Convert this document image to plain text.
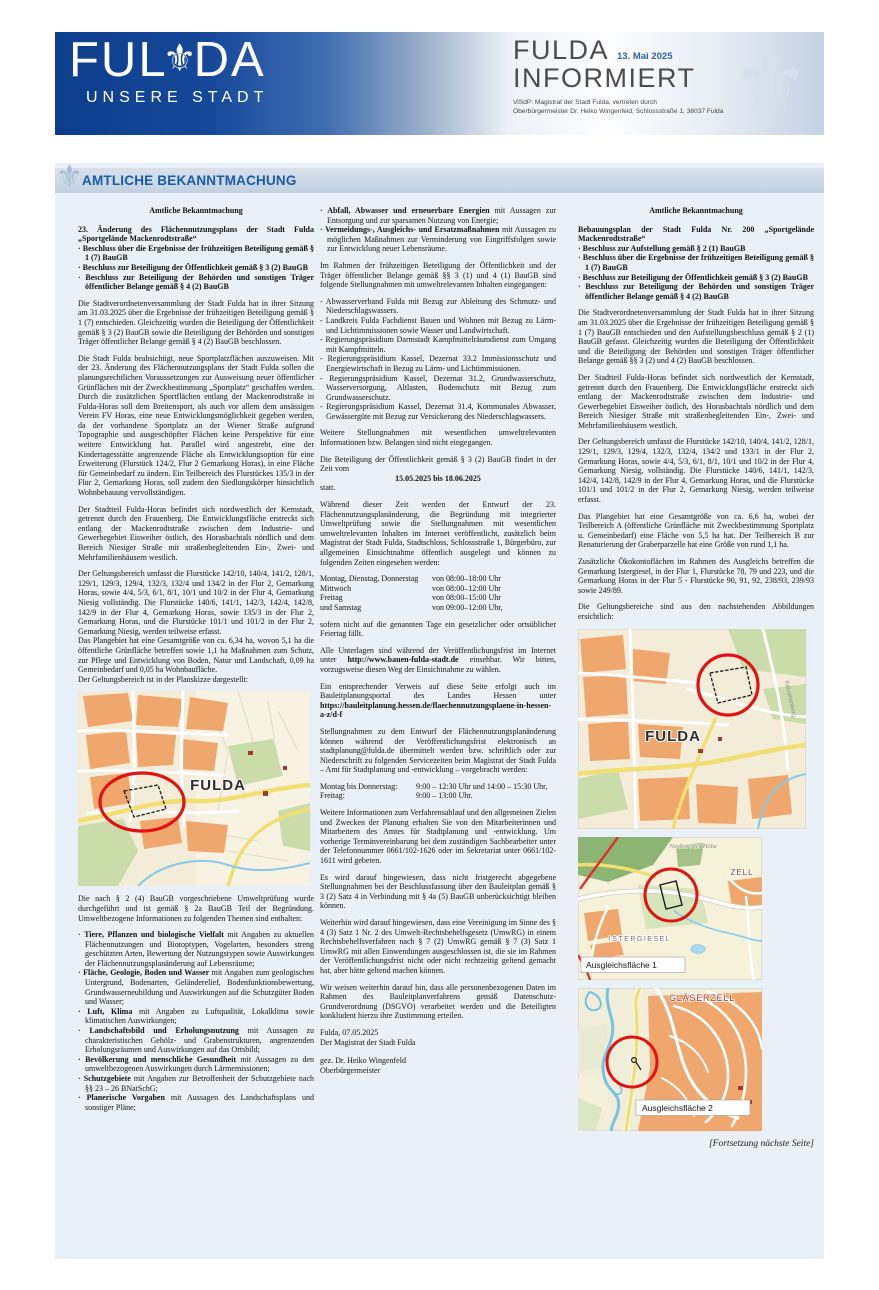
FUL
⚜
DA
UNSERE STADT
FULDA 13. Mai 2025
INFORMIERT
ViSdP: Magistrat der Stadt Fulda, vertreten durch
Oberbürgermeister Dr. Heiko Wingenfeld, Schlossstraße 1, 36037 Fulda ⚜
⚜ AMTLICHE BEKANNTMACHUNG
Amtliche Bekanntmachung
23. Änderung des Flächennutzungsplans der Stadt Fulda „Sportgelände Mackenrodtstraße“
· Beschluss über die Ergebnisse der frühzeitigen Beteiligung gemäß § 1 (7) BauGB
· Beschluss zur Beteiligung der Öffentlichkeit gemäß § 3 (2) BauGB
· Beschluss zur Beteiligung der Behörden und sonstigen Träger öffentlicher Belange gemäß § 4 (2) BauGB

Die Stadtverordnetenversammlung der Stadt Fulda hat in ihrer Sitzung am 31.03.2025 über die Ergebnisse der frühzeitigen Beteiligung gemäß § 1 (7) entschieden. Gleichzeitig wurden die Beteiligung der Öffentlichkeit gemäß § 3 (2) BauGB sowie die Beteiligung der Behörden und sonstigen Träger öffentlicher Belange gemäß § 4 (2) BauGB beschlossen.

Die Stadt Fulda beabsichtigt, neue Sportplatzflächen auszuweisen. Mit der 23. Änderung des Flächennutzungsplans der Stadt Fulda sollen die planungsrechtlichen Voraussetzungen zur Ausweisung neuer öffentlicher Grünflächen mit der Zweckbestimmung „Sportplatz“ geschaffen werden. Durch die zusätzlichen Sportflächen entlang der Mackenrodtstraße in Fulda-Horas soll dem Breitensport, als auch vor allem dem ansässigen Verein FV Horas, eine neue Entwicklungsmöglichkeit gegeben werden, da der vorhandene Sportplatz an der Wiener Straße aufgrund Topographie und ausgeschöpfter Flächen keine Perspektive für eine weitere Entwicklung hat. Parallel wird angestrebt, eine der Kindertagesstätte angrenzende Fläche als Entwicklungsoption für eine Erweiterung (Flurstück 124/2, Flur 2 Gemarkung Horas), in eine Fläche für Gemeinbedarf zu ändern. Ein Teilbereich des Flurstückes 135/3 in der Flur 2, Gemarkung Horas, soll zudem den Siedlungskörper hinsichtlich Wohnbebauung vervollständigen.

Der Stadtteil Fulda-Horas befindet sich nordwestlich der Kernstadt, getrennt durch den Frauenberg. Die Entwicklungsfläche erstreckt sich entlang der Mackenrodtstraße zwischen dem Industrie- und Gewerbegebiet Eisweiher östlich, des Horasbachtals nördlich und dem Bereich Niesiger Straße mit straßenbegleitenden Ein-, Zwei- und Mehrfamilienhäusern westlich.

Der Geltungsbereich umfasst die Flurstücke 142/10, 140/4, 141/2, 128/1, 129/1, 129/3, 129/4, 132/3, 132/4 und 134/2 in der Flur 2, Gemarkung Horas, sowie 4/4, 5/3, 6/1, 8/1, 10/1 und 10/2 in der Flur 4, Gemarkung Niesig vollständig. Die Flurstücke 140/6, 141/1, 142/3, 142/4, 142/8, 142/9 in der Flur 4, Gemarkung Horas, sowie 135/3 in der Flur 2, Gemarkung Horas, und die Flurstücke 101/1 und 101/2 in der Flur 2, Gemarkung Niesig, werden teilweise erfasst.
Das Plangebiet hat eine Gesamtgröße von ca. 6,34 ha, wovon 5,1 ha die öffentliche Grünfläche betreffen sowie 1,1 ha Maßnahmen zum Schutz, zur Pflege und Entwicklung von Boden, Natur und Landschaft, 0,09 ha Gemeinbedarf und 0,05 ha Wohnbaufläche.
Der Geltungsbereich ist in der Planskizze dargestellt:
FULDA

Die nach § 2 (4) BauGB vorgeschriebene Umweltprüfung wurde durchgeführt und ist gemäß § 2a BauGB Teil der Begründung. Umweltbezogene Informationen zu folgenden Themen sind enthalten:

· Tiere, Pflanzen und biologische Vielfalt mit Angaben zu aktuellen Flächennutzungen und Biotoptypen, Vogelarten, besonders streng geschützten Arten, Bewertung der Nutzungstypen sowie Auswirkungen der Flächennutzungsplanänderung auf Lebensräume;
· Fläche, Geologie, Boden und Wasser mit Angaben zum geologischen Untergrund, Bodenarten, Geländerelief, Bodenfunktionsbewertung, Grundwasserneubildung und Auswirkungen auf die Schutzgüter Boden und Wasser;
· Luft, Klima mit Angaben zu Luftqualität, Lokalklima sowie klimatischen Auswirkungen;
· Landschaftsbild und Erholungsnutzung mit Aussagen zu charakteristischen Gehölz- und Grabenstrukturen, angrenzenden Erholungsräumen und Auswirkungen auf das Ortsbild;
· Bevölkerung und menschliche Gesundheit mit Aussagen zu den umweltbezogenen Auswirkungen durch Lärmemissionen;
· Schutzgebiete mit Angaben zur Betroffenheit der Schutzgebiete nach §§ 23 – 26 BNatSchG;
· Planerische Vorgaben mit Aussagen des Landschaftsplans und sonstiger Pläne;
· Abfall, Abwasser und erneuerbare Energien mit Aussagen zur Entsorgung und zur sparsamen Nutzung von Energie;
· Vermeidungs-, Ausgleichs- und Ersatzmaßnahmen mit Aussagen zu möglichen Maßnahmen zur Verminderung von Eingriffsfolgen sowie zur Entwicklung neuer Lebensräume.

Im Rahmen der frühzeitigen Beteiligung der Öffentlichkeit und der Träger öffentlicher Belange gemäß §§ 3 (1) und 4 (1) BauGB sind folgende Stellungnahmen mit umweltrelevanten Inhalten eingegangen:

- Abwasserverband Fulda mit Bezug zur Ableitung des Schmutz- und Niederschlagswassers.
- Landkreis Fulda Fachdienst Bauen und Wohnen mit Bezug zu Lärm- und Lichtimmissionen sowie Wasser und Landwirtschaft.
- Regierungspräsidium Darmstadt Kampfmittelräumdienst zum Umgang mit Kampfmitteln.
- Regierungspräsidium Kassel, Dezernat 33.2 Immissionsschutz und Energiewirtschaft in Bezug zu Lärm- und Lichtimmissionen.
- Regierungspräsidium Kassel, Dezernat 31.2, Grundwasserschutz, Wasserversorgung, Altlasten, Bodenschutz mit Bezug zum Grundwasserschutz.
- Regierungspräsidium Kassel, Dezernat 31.4, Kommunales Abwasser, Gewässergüte mit Bezug zur Versickerung des Niederschlagwassers.

Weitere Stellungnahmen mit wesentlichen umweltrelevanten Informationen bzw. Belangen sind nicht eingegangen.

Die Beteiligung der Öffentlichkeit gemäß § 3 (2) BauGB findet in der Zeit vom

15.05.2025 bis 18.06.2025

statt.

Während dieser Zeit werden der Entwurf der 23. Flächennutzungsplanänderung, die Begründung mit integrierter Umweltprüfung sowie die Stellungnahmen mit wesentlichen umweltrelevanten Inhalten im Internet veröffentlicht, zusätzlich beim Magistrat der Stadt Fulda, Stadtschloss, Schlossstraße 1, Bürgerbüro, zur allgemeinen Einsichtnahme öffentlich ausgelegt und können zu folgenden Zeiten eingesehen werden:

Montag, Dienstag, Donnerstag	von 08:00–18:00 Uhr
Mittwoch	von 08:00–12:00 Uhr
Freitag	von 08:00–15:00 Uhr
und Samstag	von 09:00–12:00 Uhr,

sofern nicht auf die genannten Tage ein gesetzlicher oder ortsüblicher Feiertag fällt.

Alle Unterlagen sind während der Veröffentlichungsfrist im Internet unter http://www.bauen-fulda-stadt.de einsehbar. Wir bitten, vorzugsweise diesen Weg der Einsichtnahme zu wählen.

Ein entsprechender Verweis auf diese Seite erfolgt auch im Bauleitplanungsportal des Landes Hessen unter https://bauleitplanung.hessen.de/flaechennutzungsplaene-in-hessen-a-z/d-f

Stellungnahmen zu dem Entwurf der Flächennutzungsplanänderung können während der Veröffentlichungsfrist elektronisch an stadtplanung@fulda.de übermittelt werden bzw. schriftlich oder zur Niederschrift zu folgenden Servicezeiten beim Magistrat der Stadt Fulda – Amt für Stadtplanung und -entwicklung – vorgebracht werden:

Montag bis Donnerstag:	9:00 – 12:30 Uhr und 14:00 – 15:30 Uhr,
Freitag:	9:00 – 13:00 Uhr.

Weitere Informationen zum Verfahrensablauf und den allgemeinen Zielen und Zwecken der Planung erhalten Sie von den Mitarbeiterinnen und Mitarbeitern des Amtes für Stadtplanung und -entwicklung. Um vorherige Terminvereinbarung bei dem zuständigen Sachbearbeiter unter der Telefonnummer 0661/102-1626 oder im Sekretariat unter 0661/102-1611 wird gebeten.

Es wird darauf hingewiesen, dass nicht fristgerecht abgegebene Stellungnahmen bei der Beschlussfassung über den Bauleitplan gemäß § 3 (2) Satz 4 in Verbindung mit § 4a (5) BauGB unberücksichtigt bleiben können.

Weiterhin wird darauf hingewiesen, dass eine Vereinigung im Sinne des § 4 (3) Satz 1 Nr. 2 des Umwelt-Rechtsbehelfsgesetz (UmwRG) in einem Rechtsbehelfsverfahren nach § 7 (2) UmwRG gemäß § 7 (3) Satz 1 UmwRG mit allen Einwendungen ausgeschlossen ist, die sie im Rahmen der Veröffentlichungsfrist nicht oder nicht rechtzeitig geltend gemacht hat, aber hätte geltend machen können.

Wir weisen weiterhin darauf hin, dass alle personenbezogenen Daten im Rahmen des Bauleitplanverfahrens gemäß Datenschutz-Grundverordnung (DSGVO) verarbeitet werden und die Beteiligten konkludent hierzu ihre Zustimmung erteilen.

Fulda, 07.05.2025
Der Magistrat der Stadt Fulda
gez. Dr. Heiko Wingenfeld
Oberbürgermeister
Amtliche Bekanntmachung
Bebauungsplan der Stadt Fulda Nr. 200 „Sportgelände Mackenrodtstraße“
· Beschluss zur Aufstellung gemäß § 2 (1) BauGB
· Beschluss über die Ergebnisse der frühzeitigen Beteiligung gemäß § 1 (7) BauGB
· Beschluss zur Beteiligung der Öffentlichkeit gemäß § 3 (2) BauGB
· Beschluss zur Beteiligung der Behörden und sonstigen Träger öffentlicher Belange gemäß § 4 (2) BauGB

Die Stadtverordnetenversammlung der Stadt Fulda hat in ihrer Sitzung am 31.03.2025 über die Ergebnisse der frühzeitigen Beteiligung gemäß § 1 (7) BauGB entschieden und den Aufstellungsbeschluss gemäß § 2 (1) BauGB gefasst. Gleichzeitig wurden die Beteiligung der Öffentlichkeit und die Beteiligung der Behörden und sonstigen Träger öffentlicher Belange gemäß §§ 3 (2) und 4 (2) BauGB beschlossen.

Der Stadtteil Fulda-Horas befindet sich nordwestlich der Kernstadt, getrennt durch den Frauenberg. Die Entwicklungsfläche erstreckt sich entlang der Mackenrodtstraße zwischen dem Industrie- und Gewerbegebiet Eisweiher östlich, des Horasbachtals nördlich und dem Bereich Niesiger Straße mit straßenbegleitenden Ein-, Zwei- und Mehrfamilienhäusern westlich.

Der Geltungsbereich umfasst die Flurstücke 142/10, 140/4, 141/2, 128/1, 129/1, 129/3, 129/4, 132/3, 132/4, 134/2 und 133/1 in der Flur 2, Gemarkung Horas, sowie 4/4, 5/3, 6/1, 8/1, 10/1 und 10/2 in der Flur 4, Gemarkung Niesig, vollständig. Die Flurstücke 140/6, 141/1, 142/3, 142/4, 142/8, 142/9 in der Flur 4, Gemarkung Horas, und die Flurstücke 101/1 und 101/2 in der Flur 2, Gemarkung Niesig, werden teilweise erfasst.

Das Plangebiet hat eine Gesamtgröße von ca. 6,6 ha, wobei der Teilbereich A (öffentliche Grünfläche mit Zweckbestimmung Sportplatz u. Gemeinbedarf) eine Fläche von 5,5 ha hat. Der Teilbereich B zur Renaturierung der Graberparzelle hat eine Größe von rund 1,1 ha.

Zusätzliche Ökokontoflächen im Rahmen des Ausgleichs betreffen die Gemarkung Istergiesel, in der Flur 1, Flurstücke 78, 79 und 223, und die Gemarkung Horas in der Flur 5 - Flurstücke 90, 91, 92, 238/93, 239/93 sowie 249/89.

Die Geltungsbereiche sind aus den nachstehenden Abbildungen ersichtlich:

Kalvarienberg
FULDA
Niederröder Höhe
ZELL
ISTERGIESEL
Ausgleichsfläche 1
GLÄSERZELL
Ausgleichsfläche 2
[Fortsetzung nächste Seite]
